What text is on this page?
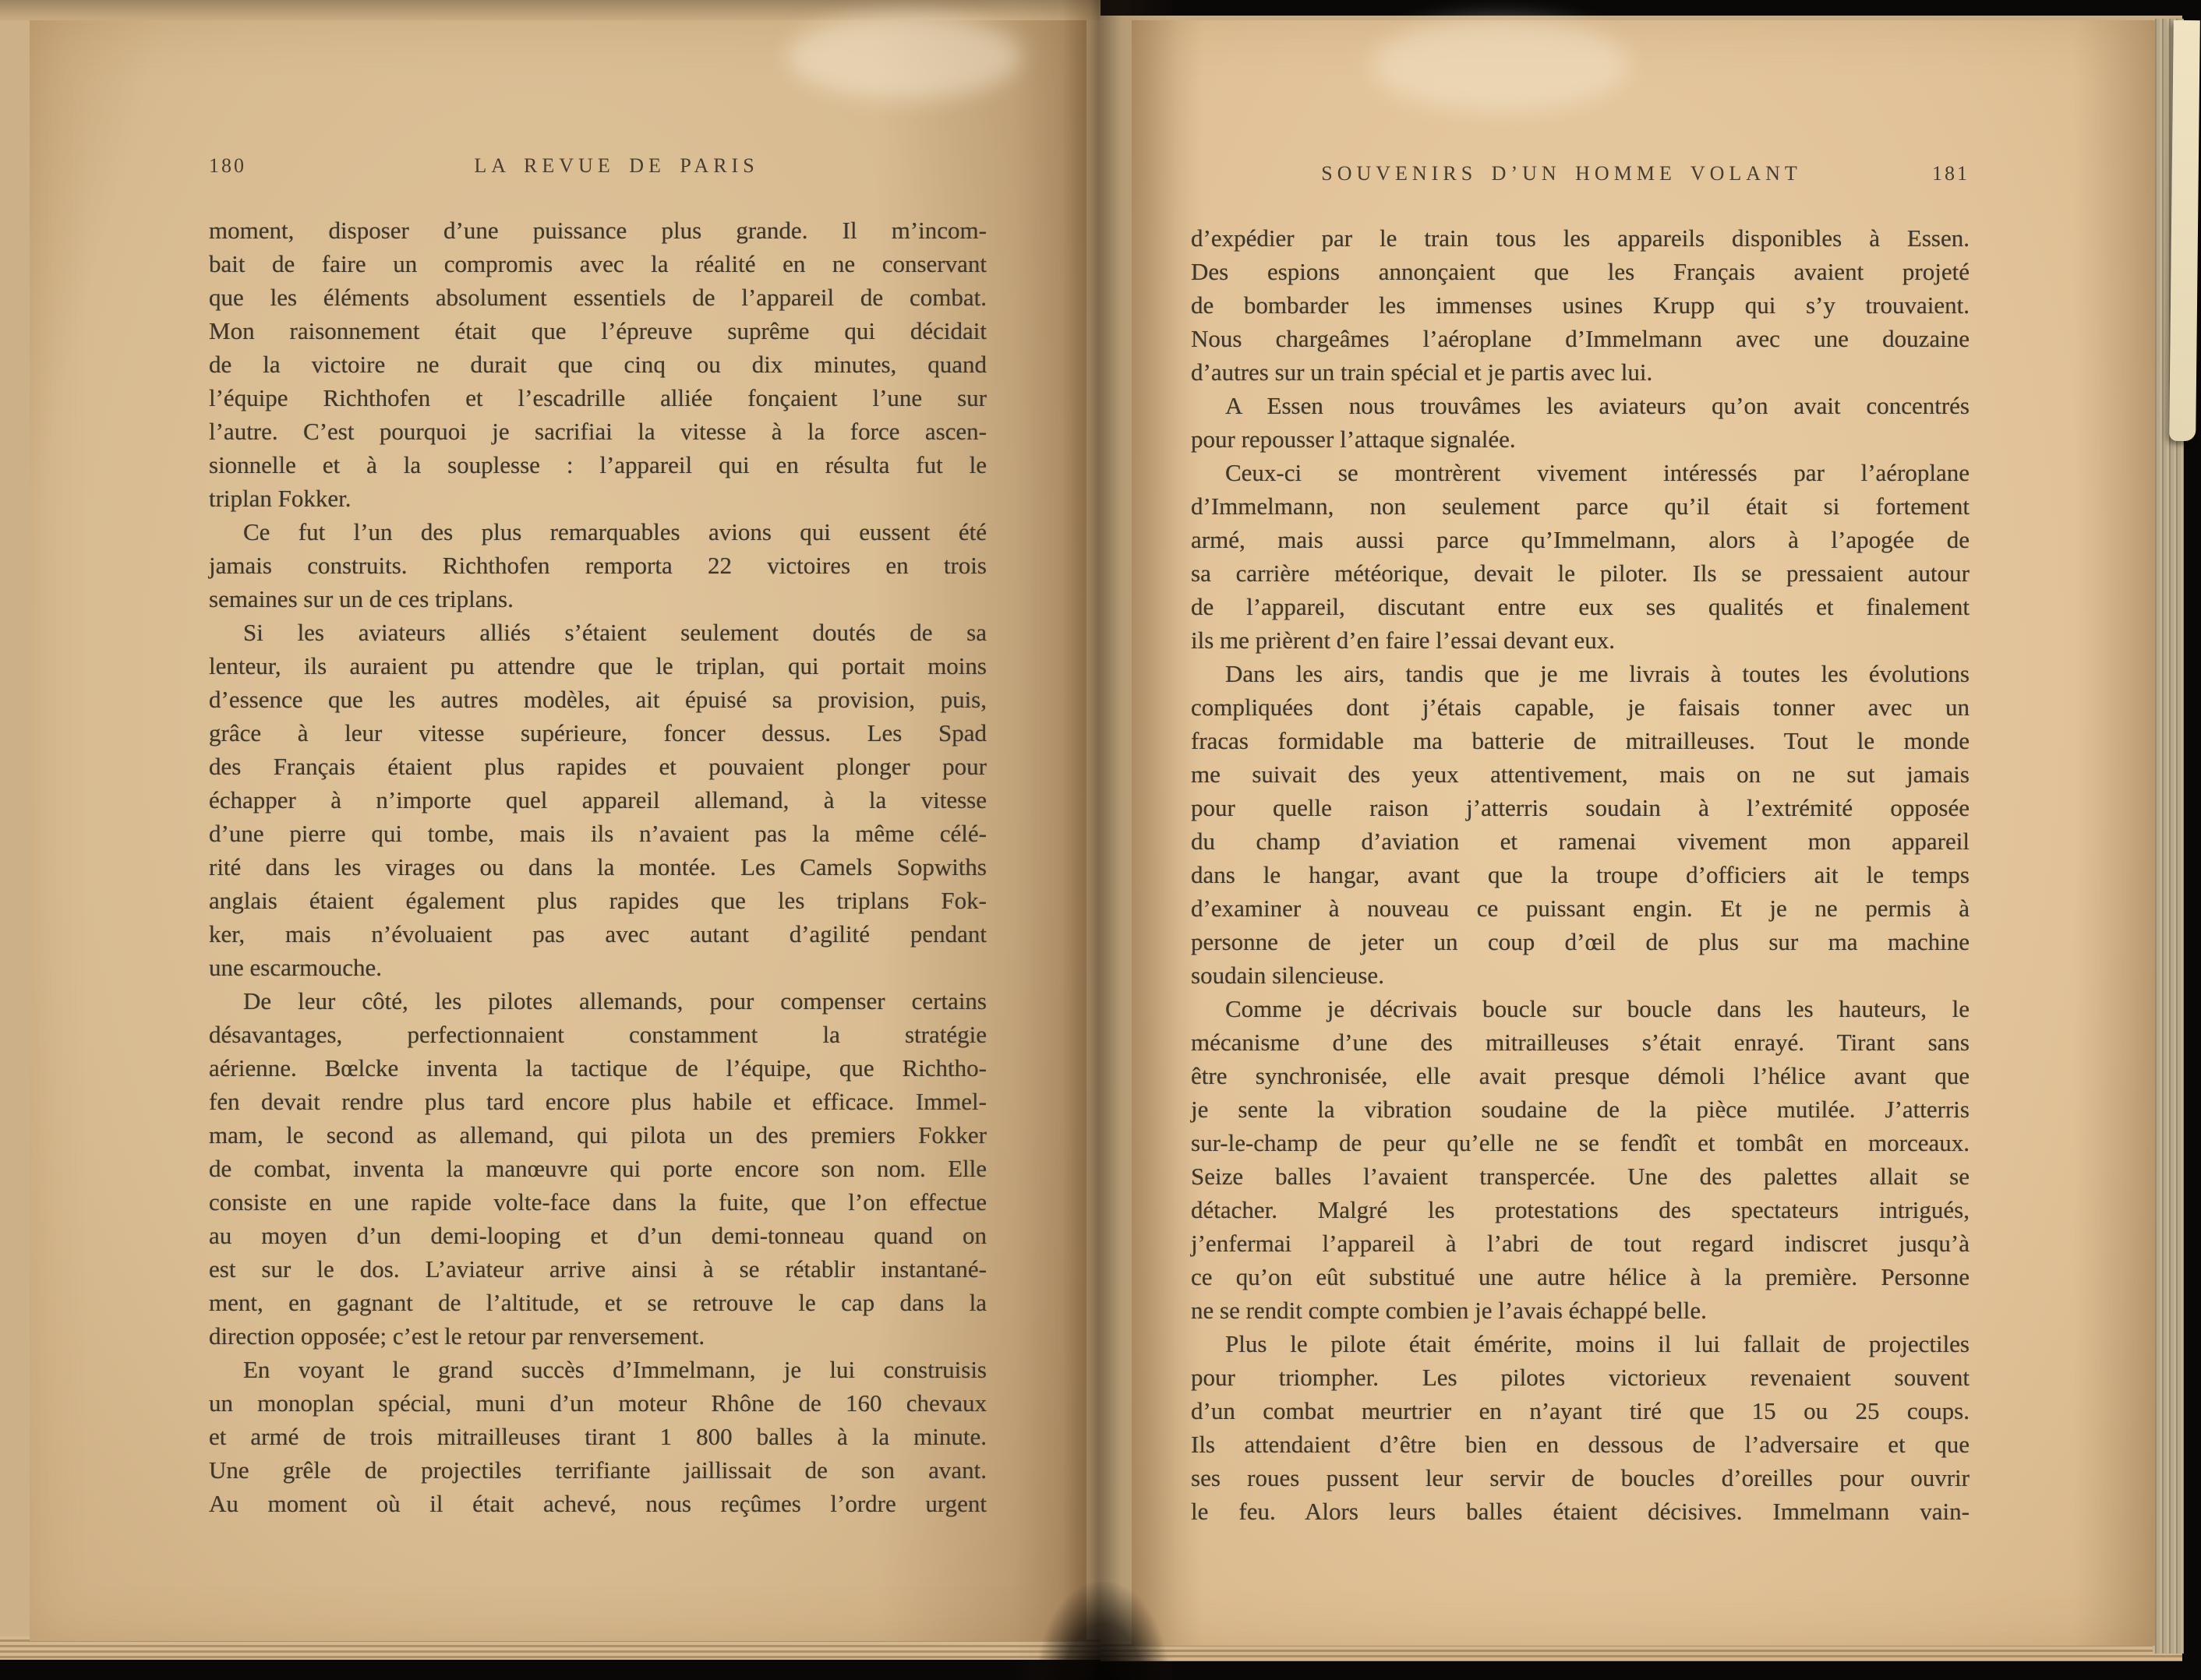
180	LA REVUE DE PARIS
moment, disposer d’une puissance plus grande. Il m’incom-
bait de faire un compromis avec la réalité en ne conservant
que les éléments absolument essentiels de l’appareil de combat.
Mon raisonnement était que l’épreuve suprême qui décidait
de la victoire ne durait que cinq ou dix minutes, quand
l’équipe Richthofen et l’escadrille alliée fonçaient l’une sur
l’autre. C’est pourquoi je sacrifiai la vitesse à la force ascen-
sionnelle et à la souplesse : l’appareil qui en résulta fut le
triplan Fokker.
Ce fut l’un des plus remarquables avions qui eussent été
jamais construits. Richthofen remporta 22 victoires en trois
semaines sur un de ces triplans.
Si les aviateurs alliés s’étaient seulement doutés de sa
lenteur, ils auraient pu attendre que le triplan, qui portait moins
d’essence que les autres modèles, ait épuisé sa provision, puis,
grâce à leur vitesse supérieure, foncer dessus. Les Spad
des Français étaient plus rapides et pouvaient plonger pour
échapper à n’importe quel appareil allemand, à la vitesse
d’une pierre qui tombe, mais ils n’avaient pas la même célé-
rité dans les virages ou dans la montée. Les Camels Sopwiths
anglais étaient également plus rapides que les triplans Fok-
ker, mais n’évoluaient pas avec autant d’agilité pendant
une escarmouche.
De leur côté, les pilotes allemands, pour compenser certains
désavantages, perfectionnaient constamment la stratégie
aérienne. Bœlcke inventa la tactique de l’équipe, que Richtho-
fen devait rendre plus tard encore plus habile et efficace. Immel-
mam, le second as allemand, qui pilota un des premiers Fokker
de combat, inventa la manœuvre qui porte encore son nom. Elle
consiste en une rapide volte-face dans la fuite, que l’on effectue
au moyen d’un demi-looping et d’un demi-tonneau quand on
est sur le dos. L’aviateur arrive ainsi à se rétablir instantané-
ment, en gagnant de l’altitude, et se retrouve le cap dans la
direction opposée; c’est le retour par renversement.
En voyant le grand succès d’Immelmann, je lui construisis
un monoplan spécial, muni d’un moteur Rhône de 160 chevaux
et armé de trois mitrailleuses tirant 1 800 balles à la minute.
Une grêle de projectiles terrifiante jaillissait de son avant.
Au moment où il était achevé, nous reçûmes l’ordre urgent
SOUVENIRS D’UN HOMME VOLANT	181
d’expédier par le train tous les appareils disponibles à Essen.
Des espions annonçaient que les Français avaient projeté
de bombarder les immenses usines Krupp qui s’y trouvaient.
Nous chargeâmes l’aéroplane d’Immelmann avec une douzaine
d’autres sur un train spécial et je partis avec lui.
A Essen nous trouvâmes les aviateurs qu’on avait concentrés
pour repousser l’attaque signalée.
Ceux-ci se montrèrent vivement intéressés par l’aéroplane
d’Immelmann, non seulement parce qu’il était si fortement
armé, mais aussi parce qu’Immelmann, alors à l’apogée de
sa carrière météorique, devait le piloter. Ils se pressaient autour
de l’appareil, discutant entre eux ses qualités et finalement
ils me prièrent d’en faire l’essai devant eux.
Dans les airs, tandis que je me livrais à toutes les évolutions
compliquées dont j’étais capable, je faisais tonner avec un
fracas formidable ma batterie de mitrailleuses. Tout le monde
me suivait des yeux attentivement, mais on ne sut jamais
pour quelle raison j’atterris soudain à l’extrémité opposée
du champ d’aviation et ramenai vivement mon appareil
dans le hangar, avant que la troupe d’officiers ait le temps
d’examiner à nouveau ce puissant engin. Et je ne permis à
personne de jeter un coup d’œil de plus sur ma machine
soudain silencieuse.
Comme je décrivais boucle sur boucle dans les hauteurs, le
mécanisme d’une des mitrailleuses s’était enrayé. Tirant sans
être synchronisée, elle avait presque démoli l’hélice avant que
je sente la vibration soudaine de la pièce mutilée. J’atterris
sur-le-champ de peur qu’elle ne se fendît et tombât en morceaux.
Seize balles l’avaient transpercée. Une des palettes allait se
détacher. Malgré les protestations des spectateurs intrigués,
j’enfermai l’appareil à l’abri de tout regard indiscret jusqu’à
ce qu’on eût substitué une autre hélice à la première. Personne
ne se rendit compte combien je l’avais échappé belle.
Plus le pilote était émérite, moins il lui fallait de projectiles
pour triompher. Les pilotes victorieux revenaient souvent
d’un combat meurtrier en n’ayant tiré que 15 ou 25 coups.
Ils attendaient d’être bien en dessous de l’adversaire et que
ses roues pussent leur servir de boucles d’oreilles pour ouvrir
le feu. Alors leurs balles étaient décisives. Immelmann vain-
